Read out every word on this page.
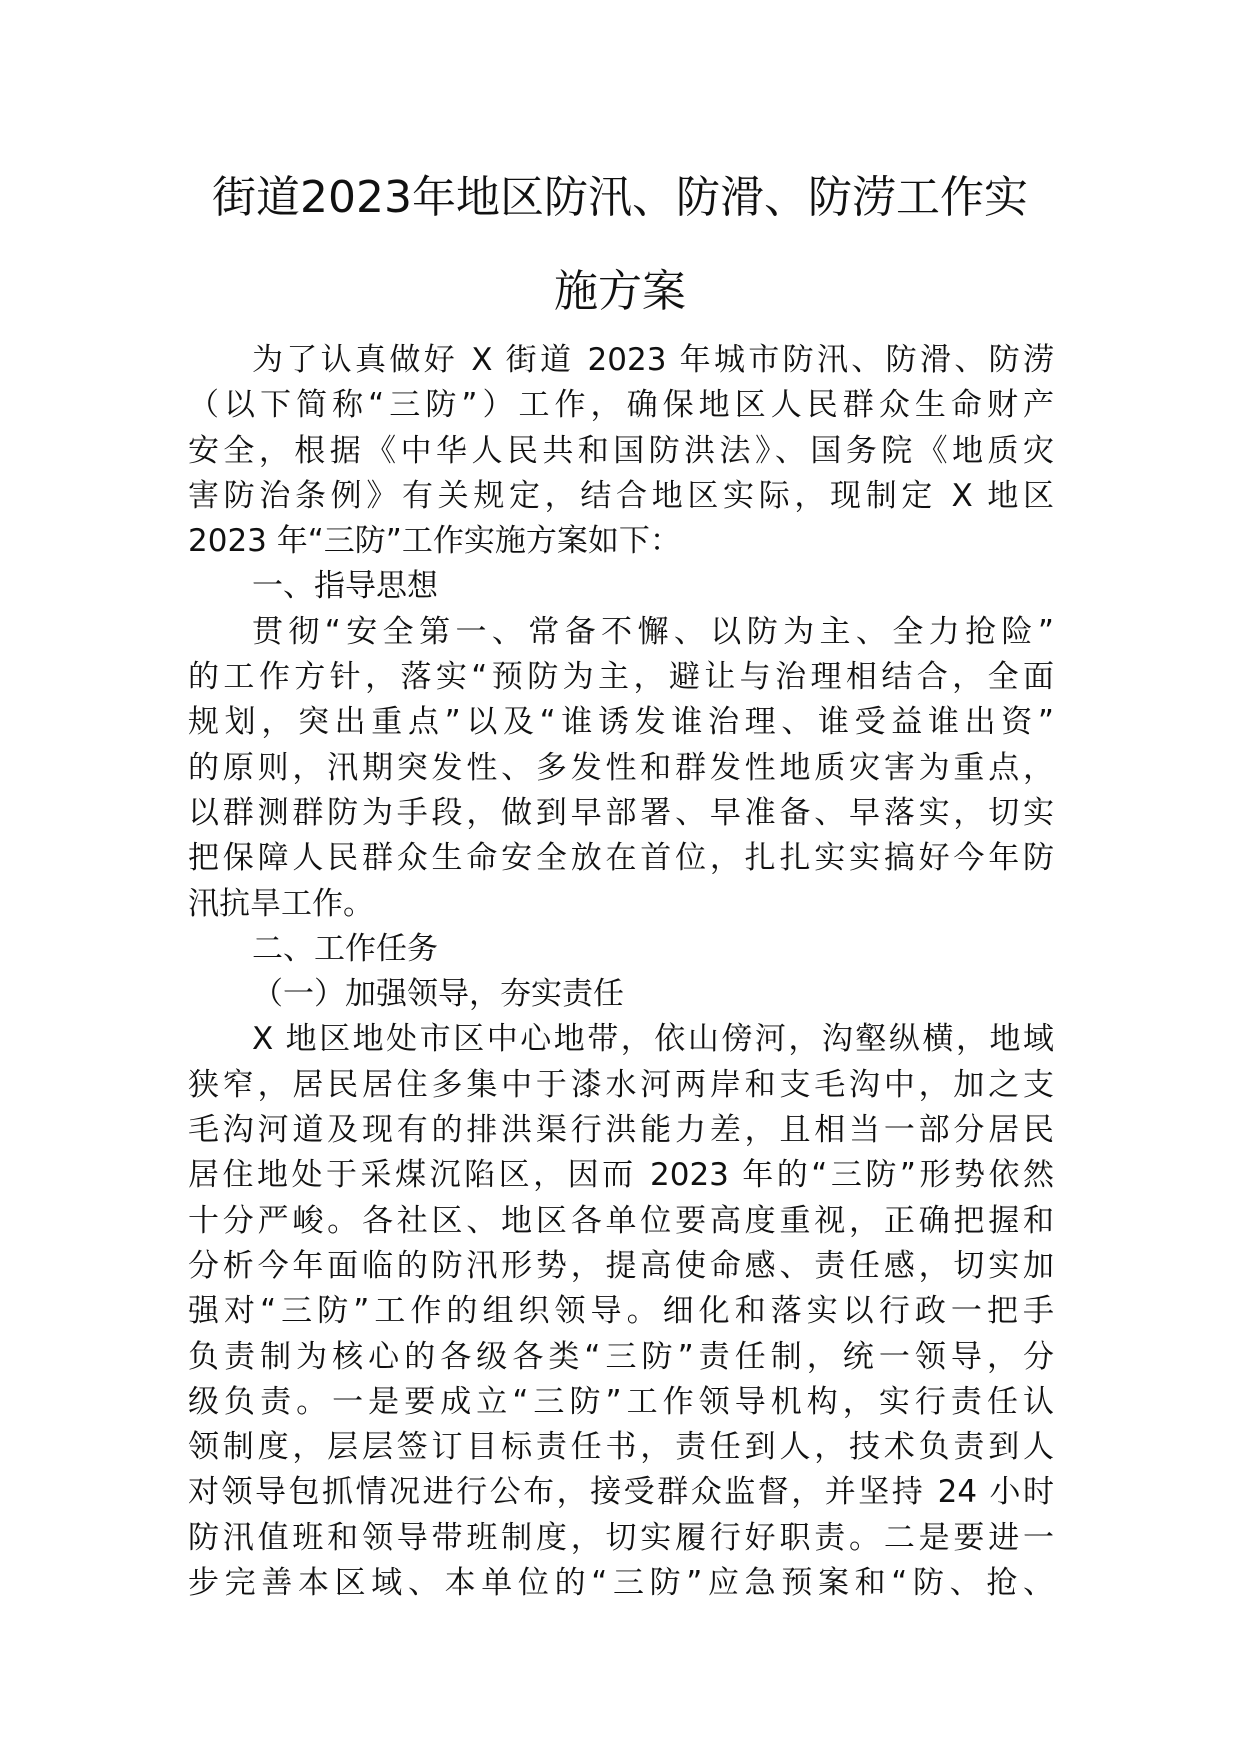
街道2023年地区防汛、防滑、防涝工作实
施方案
为了认真做好 X 街道 2023 年城市防汛、防滑、防涝
（以下简称“三防”）工作，确保地区人民群众生命财产
安全，根据《中华人民共和国防洪法》、国务院《地质灾
害防治条例》有关规定，结合地区实际，现制定 X 地区
2023 年“三防”工作实施方案如下：
一、指导思想
贯彻“安全第一、常备不懈、以防为主、全力抢险”
的工作方针，落实“预防为主，避让与治理相结合，全面
规划，突出重点”以及“谁诱发谁治理、谁受益谁出资”
的原则，汛期突发性、多发性和群发性地质灾害为重点，
以群测群防为手段，做到早部署、早准备、早落实，切实
把保障人民群众生命安全放在首位，扎扎实实搞好今年防
汛抗旱工作。
二、工作任务
（一）加强领导，夯实责任
X 地区地处市区中心地带，依山傍河，沟壑纵横，地域
狭窄，居民居住多集中于漆水河两岸和支毛沟中，加之支
毛沟河道及现有的排洪渠行洪能力差，且相当一部分居民
居住地处于采煤沉陷区，因而 2023 年的“三防”形势依然
十分严峻。各社区、地区各单位要高度重视，正确把握和
分析今年面临的防汛形势，提高使命感、责任感，切实加
强对“三防”工作的组织领导。细化和落实以行政一把手
负责制为核心的各级各类“三防”责任制，统一领导，分
级负责。一是要成立“三防”工作领导机构，实行责任认
领制度，层层签订目标责任书，责任到人，技术负责到人
对领导包抓情况进行公布，接受群众监督，并坚持 24 小时
防汛值班和领导带班制度，切实履行好职责。二是要进一
步完善本区域、本单位的“三防”应急预案和“防、抢、
